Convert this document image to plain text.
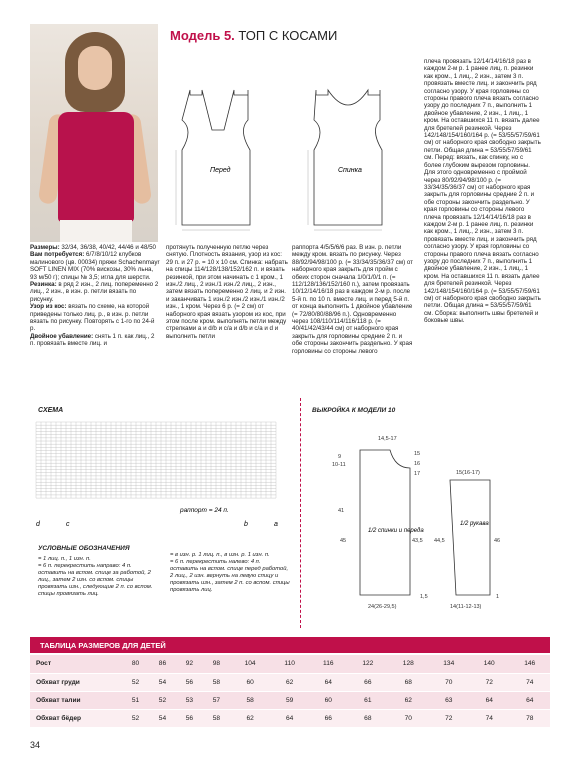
Модель 5. ТОП С КОСАМИ
Перед	Спинка
Размеры: 32/34, 36/38, 40/42, 44/46 и 48/50
Вам потребуется: 6/7/8/10/12 клубков малинового (цв. 00034) пряжи Schachenmayr SOFT LINEN MIX (70% вискозы, 30% льна, 93 м/50 г); спицы № 3,5; игла для шерсти.
Резинка: в ряд 2 изн., 2 лиц. попеременно 2 лиц., 2 изн., в изн. р. петли вязать по рисунку.
Узор из кос: вязать по схеме, на которой приведены только лиц. р., в изн. р. петли вязать по рисунку. Повторять с 1-го по 24-й р.
Двойное убавление: снять 1 п. как лиц., 2 п. провязать вместе лиц. и
протянуть полученную петлю через снятую. Плотность вязания, узор из кос: 29 п. и 27 р. = 10 х 10 см. Спинка: набрать на спицы 114/128/138/152/162 п. и вязать резинкой, при этом начинать с 1 кром., 1 изн./2 лиц., 2 изн./1 изн./2 лиц., 2 изн., затем вязать попеременно 2 лиц. и 2 изн. и заканчивать 1 изн./2 изн./2 изн./1 изн./2 изн., 1 кром. Через 6 р. (= 2 см) от наборного края вязать узором из кос, при этом после кром. выполнять петли между стрелками а и d/b и c/a и d/b и c/a и d и выполнить петли
раппорта 4/5/5/6/6 раз. В изн. р. петли между кром. вязать по рисунку. Через 88/92/94/98/100 р. (= 33/34/35/36/37 см) от наборного края закрыть для пройм с обеих сторон сначала 1/0/1/0/1 п. (= 112/128/136/152/160 п.), затем провязать 10/12/14/16/18 раз в каждом 2-м р. после 5-й п. по 10 п. вместе лиц. и перед 5-й п. от конца выполнить 1 двойное убавление (= 72/80/80/88/96 п.). Одновременно через 108/110/114/116/118 р. (= 40/41/42/43/44 см) от наборного края закрыть для горловины средние 2 п. и обе стороны закончить раздельно. У края горловины со стороны левого
плеча провязать 12/14/14/16/18 раз в каждом 2-м р. 1 ранее лиц. п. резинки как кром., 1 лиц., 2 изн., затем 3 п. провязать вместе лиц. и закончить ряд согласно узору. У края горловины со стороны правого плеча вязать согласно узору до последних 7 п., выполнить 1 двойное убавление, 2 изн., 1 лиц., 1 кром. На оставшихся 11 п. вязать далее для бретелей резинкой. Через 142/148/154/160/164 р. (= 53/55/57/59/61 см) от наборного края свободно закрыть петли. Общая длина = 53/55/57/59/61 см. Перед: вязать, как спинку, но с более глубоким вырезом горловины. Для этого одновременно с проймой через 80/92/94/98/100 р. (= 33/34/35/36/37 см) от наборного края закрыть для горловины средние 2 п. и обе стороны закончить раздельно. У края горловины со стороны левого плеча провязать 12/14/14/16/18 раз в каждом 2-м р. 1 ранее лиц. п. резинки как кром., 1 лиц., 2 изн., затем 3 п. провязать вместе лиц. и закончить ряд согласно узору. У края горловины со стороны правого плеча вязать согласно узору до последних 7 п., выполнить 1 двойное убавление, 2 изн., 1 лиц., 1 кром. На оставшихся 11 п. вязать далее для бретелей резинкой. Через 142/148/154/160/164 р. (= 53/55/57/59/61 см) от наборного края свободно закрыть петли. Общая длина = 53/55/57/59/61 см. Сборка: выполнить швы бретелей и боковые швы.
СХЕМА
раппорт = 24 п.
d	c	b	a
УСЛОВНЫЕ ОБОЗНАЧЕНИЯ
= 1 лиц. п., 1 изн. п.
= 6 п. перекрестить направо: 4 п. оставить на вспом. спице за работой, 2 лиц., затем 2 изн. со вспом. спицы провязать изн., следующие 2 п. со вспом. спицы провязать лиц.
= в изн. р. 1 лиц. п., в изн. р. 1 изн. п.
= 6 п. перекрестить налево: 4 п. оставить на вспом. спице перед работой, 2 лиц., 2 изн. вернуть на левую спицу и провязать изн., затем 2 п. со вспом. спицы провязать лиц.
ВЫКРОЙКА К МОДЕЛИ 10
14,5-17
15
16
17
9
10-11
41
45	43,5 44,5	46
24(26-29,5)
15(16-17)
1,5
14(11-12-13)
1
1/2 спинки и переда
1/2 рукава
ТАБЛИЦА РАЗМЕРОВ ДЛЯ ДЕТЕЙ
Рост	80	86	92	98	104	110	116	122	128	134	140	146
Обхват груди	52	54	56	58	60	62	64	66	68	70	72	74
Обхват талии	51	52	53	57	58	59	60	61	62	63	64	64
Обхват бёдер	52	54	56	58	62	64	66	68	70	72	74	78
34
